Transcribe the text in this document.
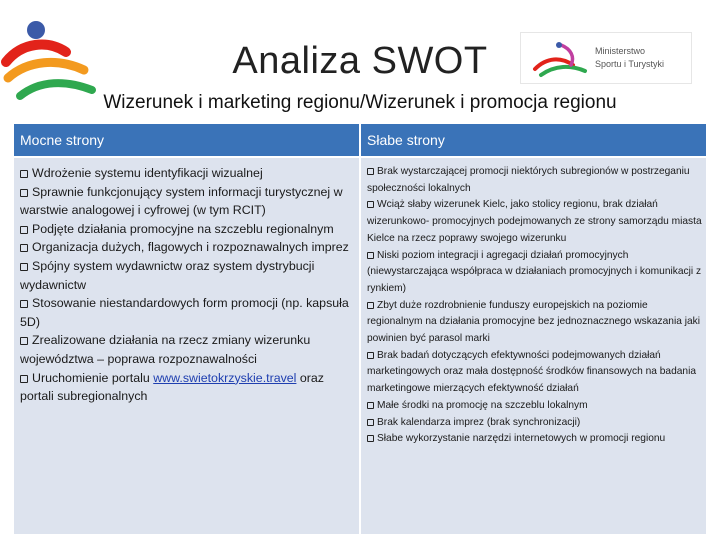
Ministerstwo
Sportu i Turystyki
Analiza SWOT
Wizerunek i marketing regionu/Wizerunek i promocja regionu
Mocne strony	Słabe strony
Wdrożenie systemu identyfikacji wizualnej
Sprawnie funkcjonujący system informacji turystycznej w warstwie analogowej i cyfrowej (w tym RCIT)
Podjęte działania promocyjne na szczeblu regionalnym
Organizacja dużych, flagowych i rozpoznawalnych imprez
Spójny system wydawnictw oraz system dystrybucji wydawnictw
Stosowanie niestandardowych form promocji (np. kapsuła 5D)
Zrealizowane działania na rzecz zmiany wizerunku województwa – poprawa rozpoznawalności
Uruchomienie portalu www.swietokrzyskie.travel oraz portali subregionalnych
Brak wystarczającej promocji niektórych subregionów w postrzeganiu społeczności lokalnych
Wciąż słaby wizerunek Kielc, jako stolicy regionu, brak działań wizerunkowo- promocyjnych podejmowanych ze strony samorządu miasta Kielce na rzecz poprawy swojego wizerunku
Niski poziom integracji i agregacji działań promocyjnych (niewystarczająca współpraca w działaniach promocyjnych i komunikacji z rynkiem)
Zbyt duże rozdrobnienie funduszy europejskich na poziomie regionalnym na działania promocyjne bez jednoznacznego wskazania jaki powinien być parasol marki
Brak badań dotyczących efektywności podejmowanych działań marketingowych oraz mała dostępność środków finansowych na badania marketingowe mierzących efektywność działań
Małe środki na promocję na szczeblu lokalnym
Brak kalendarza imprez (brak synchronizacji)
Słabe wykorzystanie narzędzi internetowych w promocji regionu
